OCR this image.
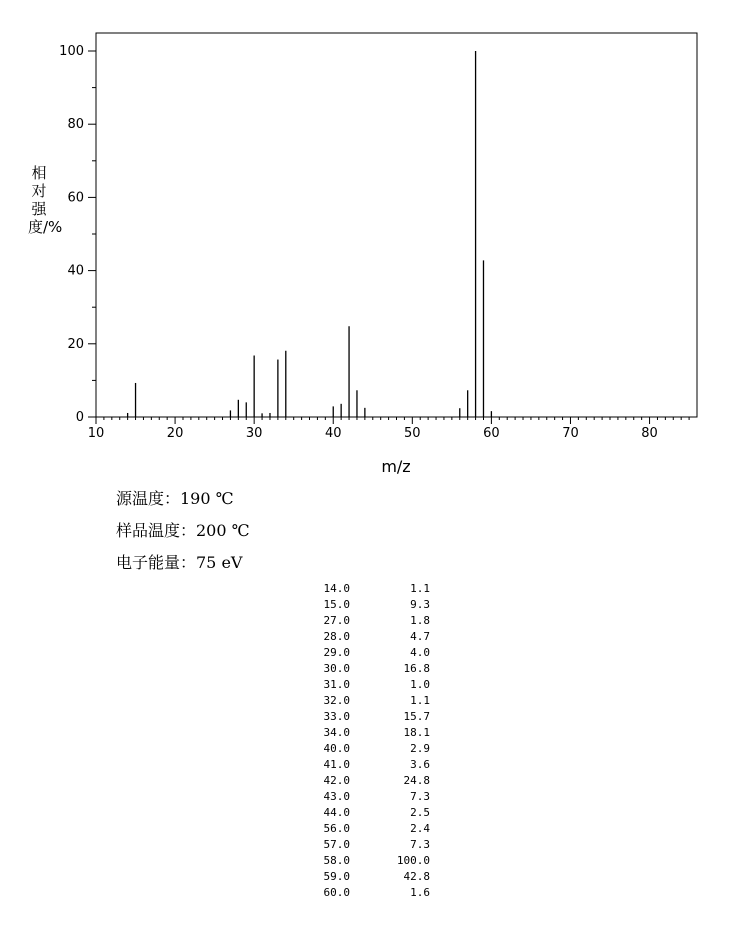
0
20
40
60
80
100
10	20	30	40	50	60	70	80
m/z
相对强度/%
源温度：190 ℃
样品温度：200 ℃
电子能量：75 eV
14.0	1.1
15.0	9.3
27.0	1.8
28.0	4.7
29.0	4.0
30.0	16.8
31.0	1.0
32.0	1.1
33.0	15.7
34.0	18.1
40.0	2.9
41.0	3.6
42.0	24.8
43.0	7.3
44.0	2.5
56.0	2.4
57.0	7.3
58.0	100.0
59.0	42.8
60.0	1.6
